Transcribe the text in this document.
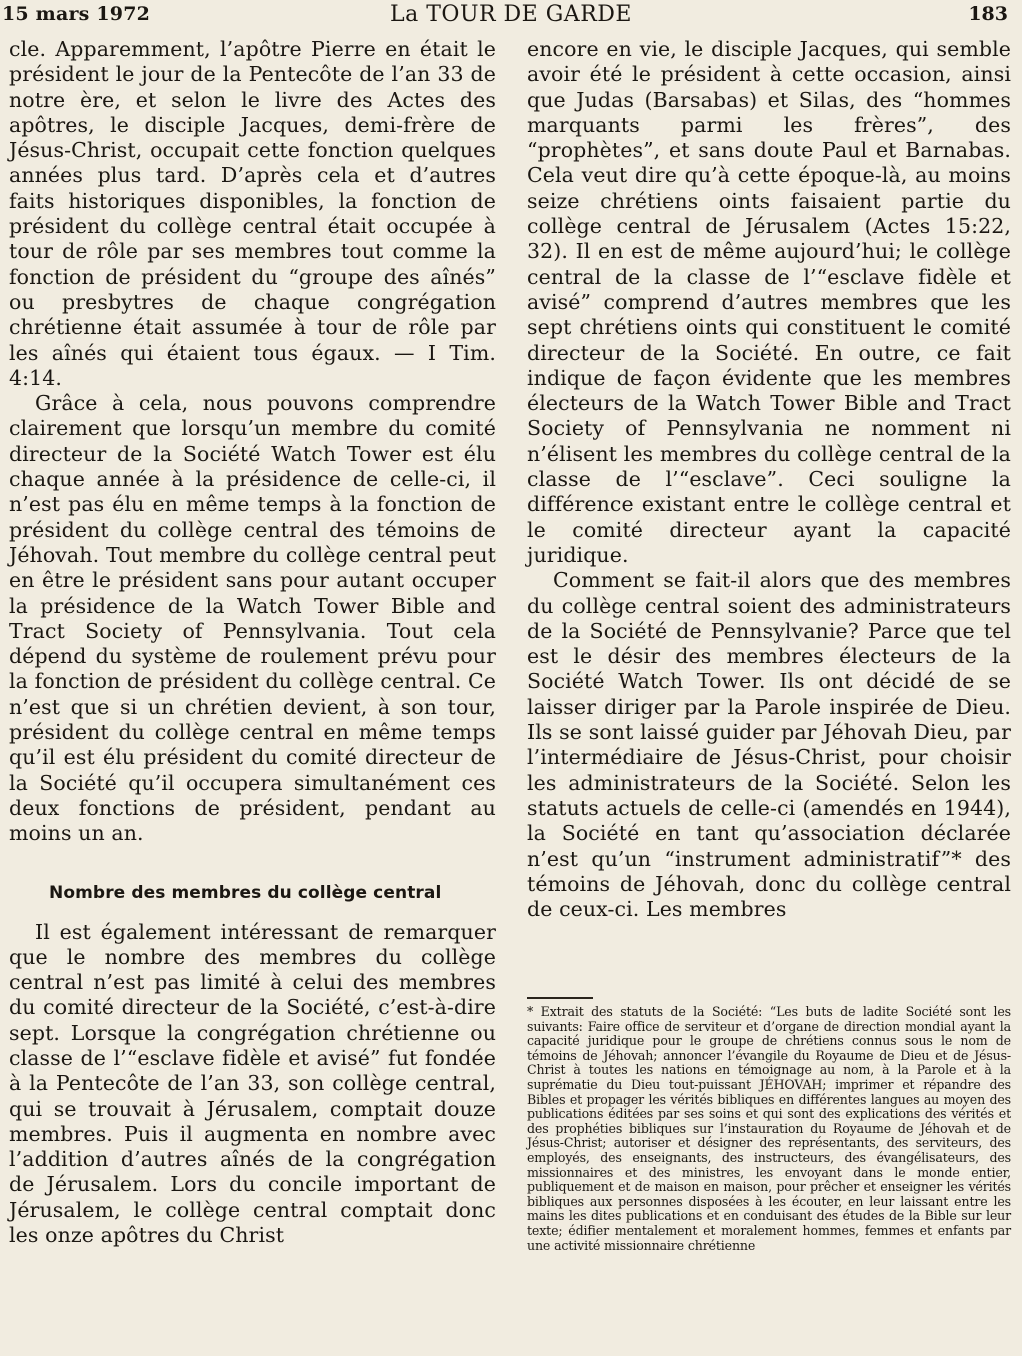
15 mars 1972	La TOUR DE GARDE	183

cle. Apparemment, l’apôtre Pierre en était le président le jour de la Pentecôte de l’an 33 de notre ère, et selon le livre des Actes des apôtres, le disciple Jacques, demi-frère de Jésus-Christ, occupait cette fonction quelques années plus tard. D’après cela et d’autres faits historiques disponibles, la fonction de président du collège central était occupée à tour de rôle par ses membres tout comme la fonction de président du “groupe des aînés” ou presbytres de chaque congrégation chrétienne était assumée à tour de rôle par les aînés qui étaient tous égaux. — I Tim. 4:14.

Grâce à cela, nous pouvons comprendre clairement que lorsqu’un membre du comité directeur de la Société Watch Tower est élu chaque année à la présidence de celle-ci, il n’est pas élu en même temps à la fonction de président du collège central des témoins de Jéhovah. Tout membre du collège central peut en être le président sans pour autant occuper la présidence de la Watch Tower Bible and Tract Society of Pennsylvania. Tout cela dépend du système de roulement prévu pour la fonction de président du collège central. Ce n’est que si un chrétien devient, à son tour, président du collège central en même temps qu’il est élu président du comité directeur de la Société qu’il occupera simultanément ces deux fonctions de président, pendant au moins un an.

Nombre des membres du collège central

Il est également intéressant de remarquer que le nombre des membres du collège central n’est pas limité à celui des membres du comité directeur de la Société, c’est-à-dire sept. Lorsque la congrégation chrétienne ou classe de l’“esclave fidèle et avisé” fut fondée à la Pentecôte de l’an 33, son collège central, qui se trouvait à Jérusalem, comptait douze membres. Puis il augmenta en nombre avec l’addition d’autres aînés de la congrégation de Jérusalem. Lors du concile important de Jérusalem, le collège central comptait donc les onze apôtres du Christ

encore en vie, le disciple Jacques, qui semble avoir été le président à cette occasion, ainsi que Judas (Barsabas) et Silas, des “hommes marquants parmi les frères”, des “prophètes”, et sans doute Paul et Barnabas. Cela veut dire qu’à cette époque-là, au moins seize chrétiens oints faisaient partie du collège central de Jérusalem (Actes 15:22, 32). Il en est de même aujourd’hui; le collège central de la classe de l’“esclave fidèle et avisé” comprend d’autres membres que les sept chrétiens oints qui constituent le comité directeur de la Société. En outre, ce fait indique de façon évidente que les membres électeurs de la Watch Tower Bible and Tract Society of Pennsylvania ne nomment ni n’élisent les membres du collège central de la classe de l’“esclave”. Ceci souligne la différence existant entre le collège central et le comité directeur ayant la capacité juridique.

Comment se fait-il alors que des membres du collège central soient des administrateurs de la Société de Pennsylvanie? Parce que tel est le désir des membres électeurs de la Société Watch Tower. Ils ont décidé de se laisser diriger par la Parole inspirée de Dieu. Ils se sont laissé guider par Jéhovah Dieu, par l’intermédiaire de Jésus-Christ, pour choisir les administrateurs de la Société. Selon les statuts actuels de celle-ci (amendés en 1944), la Société en tant qu’association déclarée n’est qu’un “instrument administratif”* des témoins de Jéhovah, donc du collège central de ceux-ci. Les membres

* Extrait des statuts de la Société: “Les buts de ladite Société sont les suivants: Faire office de serviteur et d’organe de direction mondial ayant la capacité juridique pour le groupe de chrétiens connus sous le nom de témoins de Jéhovah; annoncer l’évangile du Royaume de Dieu et de Jésus-Christ à toutes les nations en témoignage au nom, à la Parole et à la suprématie du Dieu tout-puissant JÉHOVAH; imprimer et répandre des Bibles et propager les vérités bibliques en différentes langues au moyen des publications éditées par ses soins et qui sont des explications des vérités et des prophéties bibliques sur l’instauration du Royaume de Jéhovah et de Jésus-Christ; autoriser et désigner des représentants, des serviteurs, des employés, des enseignants, des instructeurs, des évangélisateurs, des missionnaires et des ministres, les envoyant dans le monde entier, publiquement et de maison en maison, pour prêcher et enseigner les vérités bibliques aux personnes disposées à les écouter, en leur laissant entre les mains les dites publications et en conduisant des études de la Bible sur leur texte; édifier mentalement et moralement hommes, femmes et enfants par une activité missionnaire chrétienne
